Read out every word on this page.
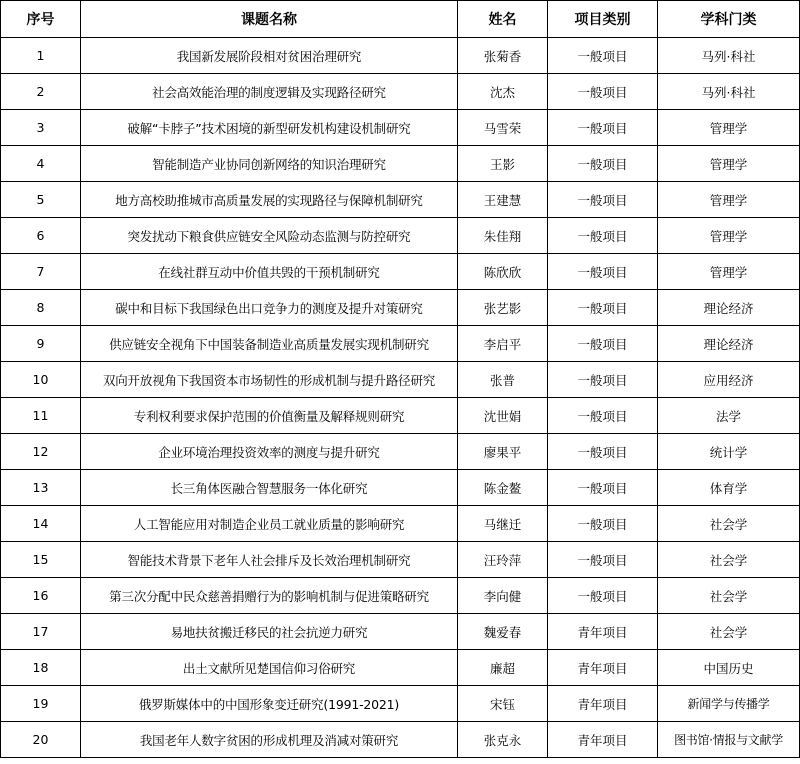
序号	课题名称	姓名	项目类别	学科门类
1	我国新发展阶段相对贫困治理研究	张菊香	一般项目	马列·科社
2	社会高效能治理的制度逻辑及实现路径研究	沈杰	一般项目	马列·科社
3	破解“卡脖子”技术困境的新型研发机构建设机制研究	马雪荣	一般项目	管理学
4	智能制造产业协同创新网络的知识治理研究	王影	一般项目	管理学
5	地方高校助推城市高质量发展的实现路径与保障机制研究	王建慧	一般项目	管理学
6	突发扰动下粮食供应链安全风险动态监测与防控研究	朱佳翔	一般项目	管理学
7	在线社群互动中价值共毁的干预机制研究	陈欣欣	一般项目	管理学
8	碳中和目标下我国绿色出口竞争力的测度及提升对策研究	张艺影	一般项目	理论经济
9	供应链安全视角下中国装备制造业高质量发展实现机制研究	李启平	一般项目	理论经济
10	双向开放视角下我国资本市场韧性的形成机制与提升路径研究	张普	一般项目	应用经济
11	专利权利要求保护范围的价值衡量及解释规则研究	沈世娟	一般项目	法学
12	企业环境治理投资效率的测度与提升研究	廖果平	一般项目	统计学
13	长三角体医融合智慧服务一体化研究	陈金鳌	一般项目	体育学
14	人工智能应用对制造企业员工就业质量的影响研究	马继迁	一般项目	社会学
15	智能技术背景下老年人社会排斥及长效治理机制研究	汪玲萍	一般项目	社会学
16	第三次分配中民众慈善捐赠行为的影响机制与促进策略研究	李向健	一般项目	社会学
17	易地扶贫搬迁移民的社会抗逆力研究	魏爱春	青年项目	社会学
18	出土文献所见楚国信仰习俗研究	廉超	青年项目	中国历史
19	俄罗斯媒体中的中国形象变迁研究(1991-2021)	宋钰	青年项目	新闻学与传播学
20	我国老年人数字贫困的形成机理及消减对策研究	张克永	青年项目	图书馆·情报与文献学
